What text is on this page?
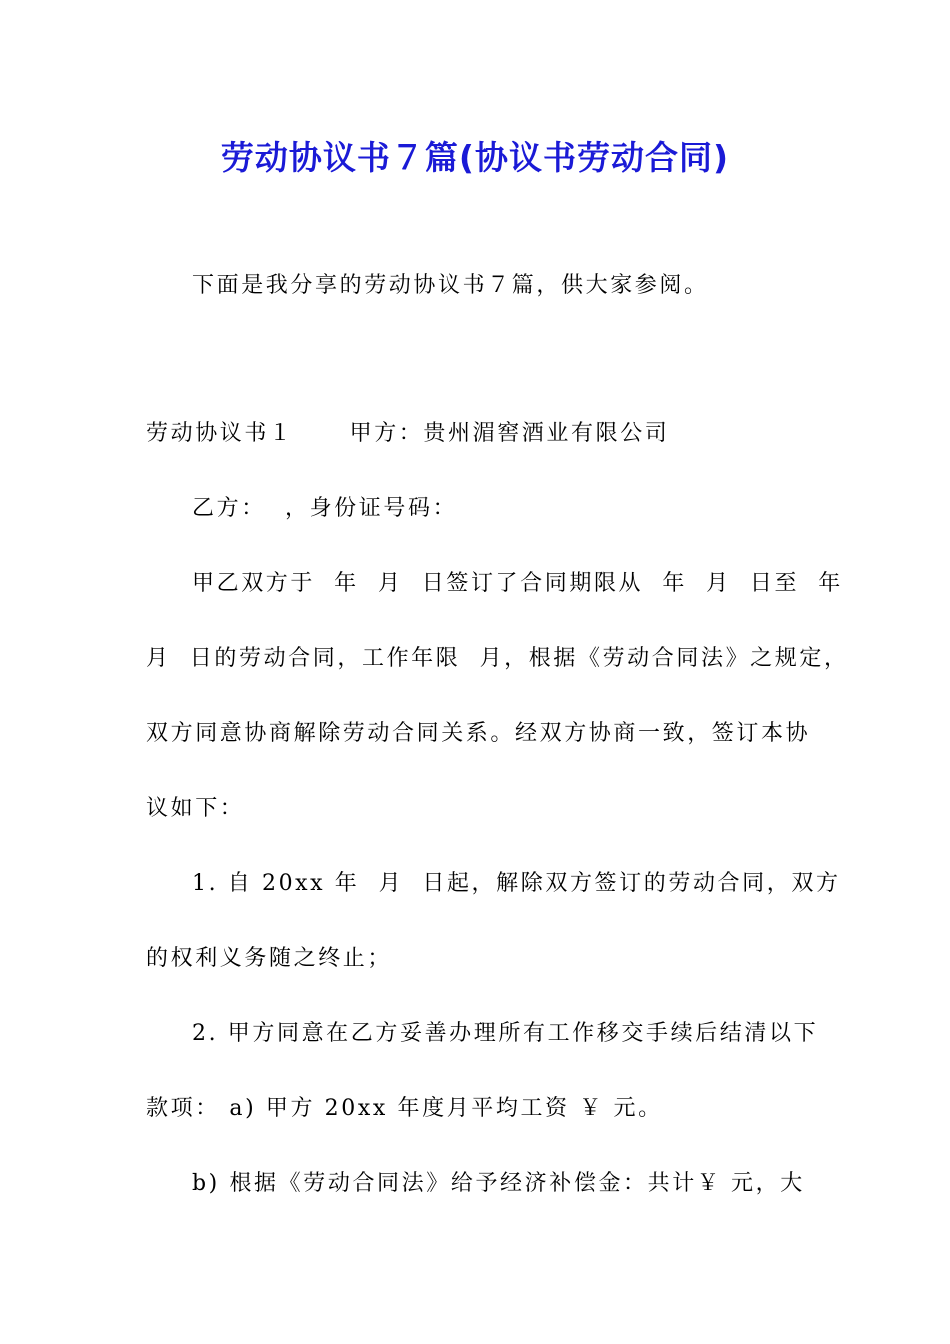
劳动协议书７篇(协议书劳动合同)
下面是我分享的劳动协议书７篇，供大家参阅。
劳动协议书１	甲方：贵州湄窖酒业有限公司
乙方：  ，身份证号码：
甲乙双方于  年  月  日签订了合同期限从  年  月  日至  年
月  日的劳动合同，工作年限  月，根据《劳动合同法》之规定，
双方同意协商解除劳动合同关系。经双方协商一致，签订本协
议如下：
1. 自 20xx 年  月  日起，解除双方签订的劳动合同，双方
的权利义务随之终止；
2. 甲方同意在乙方妥善办理所有工作移交手续后结清以下
款项： a) 甲方 20xx 年度月平均工资 ￥ 元。
b) 根据《劳动合同法》给予经济补偿金：共计￥ 元，大
